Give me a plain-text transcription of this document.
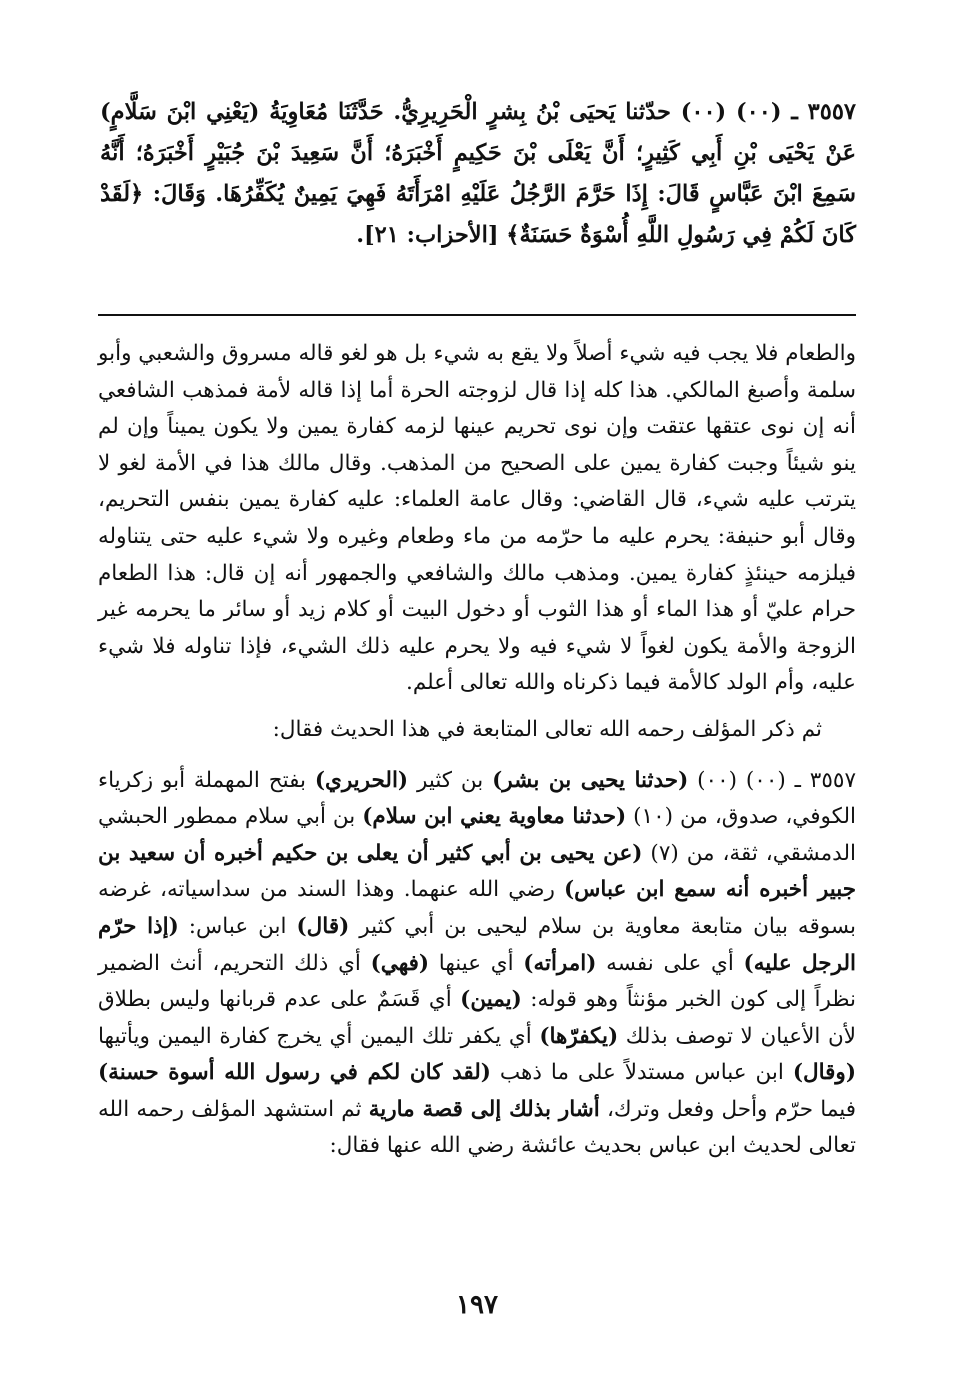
٣٥٥٧ ـ (٠٠) (٠٠) حدّثنا يَحيَى بْنُ بِشرٍ الْحَرِيرِيُّ. حَدَّثَنَا مُعَاوِيَةُ (يَعْنِي ابْنَ سَلَّامٍ) عَنْ يَحْيَى بْنِ أَبِي كَثِيرٍ؛ أَنَّ يَعْلَى بْنَ حَكِيمٍ أَخْبَرَهُ؛ أَنَّ سَعِيدَ بْنَ جُبَيْرٍ أَخْبَرَهُ؛ أَنَّهُ سَمِعَ ابْنَ عَبَّاسٍ قَالَ: إِذَا حَرَّمَ الرَّجُلُ عَلَيْهِ امْرَأَتَهُ فَهِيَ يَمِينٌ يُكَفِّرُهَا. وَقَالَ: ﴿لَقَدْ كَانَ لَكُمْ فِي رَسُولِ اللَّهِ أُسْوَةٌ حَسَنَةٌ﴾ [الأحزاب: ٢١].

والطعام فلا يجب فيه شيء أصلاً ولا يقع به شيء بل هو لغو قاله مسروق والشعبي وأبو سلمة وأصبغ المالكي. هذا كله إذا قال لزوجته الحرة أما إذا قاله لأمة فمذهب الشافعي أنه إن نوى عتقها عتقت وإن نوى تحريم عينها لزمه كفارة يمين ولا يكون يميناً وإن لم ينو شيئاً وجبت كفارة يمين على الصحيح من المذهب. وقال مالك هذا في الأمة لغو لا يترتب عليه شيء، قال القاضي: وقال عامة العلماء: عليه كفارة يمين بنفس التحريم، وقال أبو حنيفة: يحرم عليه ما حرّمه من ماء وطعام وغيره ولا شيء عليه حتى يتناوله فيلزمه حينئذٍ كفارة يمين. ومذهب مالك والشافعي والجمهور أنه إن قال: هذا الطعام حرام عليّ أو هذا الماء أو هذا الثوب أو دخول البيت أو كلام زيد أو سائر ما يحرمه غير الزوجة والأمة يكون لغواً لا شيء فيه ولا يحرم عليه ذلك الشيء، فإذا تناوله فلا شيء عليه، وأم الولد كالأمة فيما ذكرناه والله تعالى أعلم.

ثم ذكر المؤلف رحمه الله تعالى المتابعة في هذا الحديث فقال:

٣٥٥٧ ـ (٠٠) (٠٠) (حدثنا يحيى بن بشر) بن كثير (الحريري) بفتح المهملة أبو زكرياء الكوفي، صدوق، من (١٠) (حدثنا معاوية يعني ابن سلام) بن أبي سلام ممطور الحبشي الدمشقي، ثقة، من (٧) (عن يحيى بن أبي كثير أن يعلى بن حكيم أخبره أن سعيد بن جبير أخبره أنه سمع ابن عباس) رضي الله عنهما. وهذا السند من سداسياته، غرضه بسوقه بيان متابعة معاوية بن سلام ليحيى بن أبي كثير (قال) ابن عباس: (إذا حرّم الرجل عليه) أي على نفسه (امرأته) أي عينها (فهي) أي ذلك التحريم، أنث الضمير نظراً إلى كون الخبر مؤنثاً وهو قوله: (يمين) أي قَسَمٌ على عدم قربانها وليس بطلاق لأن الأعيان لا توصف بذلك (يكفرّها) أي يكفر تلك اليمين أي يخرج كفارة اليمين ويأتيها (وقال) ابن عباس مستدلاً على ما ذهب (لقد كان لكم في رسول الله أسوة حسنة) فيما حرّم وأحل وفعل وترك، أشار بذلك إلى قصة مارية ثم استشهد المؤلف رحمه الله تعالى لحديث ابن عباس بحديث عائشة رضي الله عنها فقال:

١٩٧
